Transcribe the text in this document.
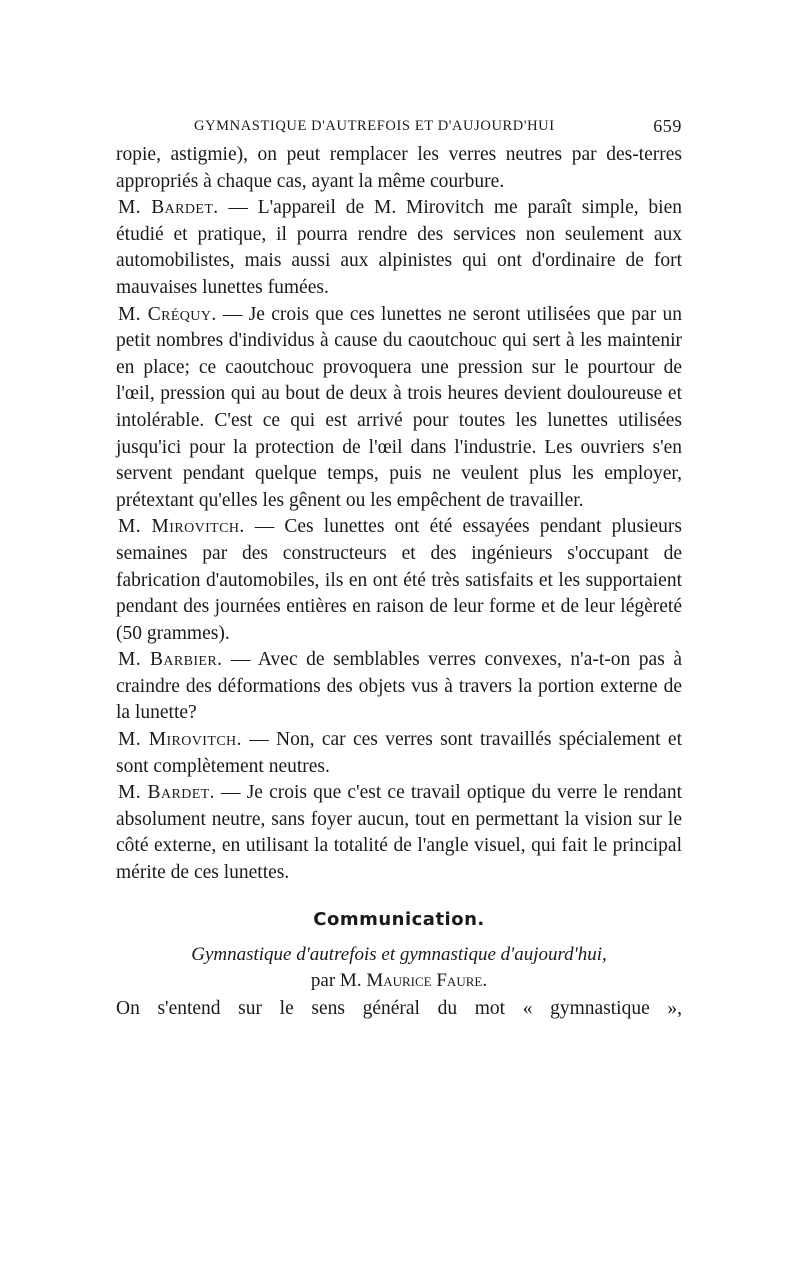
GYMNASTIQUE D'AUTREFOIS ET D'AUJOURD'HUI	659

ropie, astigmie), on peut remplacer les verres neutres par des-terres appropriés à chaque cas, ayant la même courbure.

M. Bardet. — L'appareil de M. Mirovitch me paraît simple, bien étudié et pratique, il pourra rendre des services non seulement aux automobilistes, mais aussi aux alpinistes qui ont d'ordinaire de fort mauvaises lunettes fumées.

M. Créquy. — Je crois que ces lunettes ne seront utilisées que par un petit nombres d'individus à cause du caoutchouc qui sert à les maintenir en place; ce caoutchouc provoquera une pression sur le pourtour de l'œil, pression qui au bout de deux à trois heures devient douloureuse et intolérable. C'est ce qui est arrivé pour toutes les lunettes utilisées jusqu'ici pour la protection de l'œil dans l'industrie. Les ouvriers s'en servent pendant quelque temps, puis ne veulent plus les employer, prétextant qu'elles les gênent ou les empêchent de travailler.

M. Mirovitch. — Ces lunettes ont été essayées pendant plusieurs semaines par des constructeurs et des ingénieurs s'occupant de fabrication d'automobiles, ils en ont été très satisfaits et les supportaient pendant des journées entières en raison de leur forme et de leur légèreté (50 grammes).

M. Barbier. — Avec de semblables verres convexes, n'a-t-on pas à craindre des déformations des objets vus à travers la portion externe de la lunette?

M. Mirovitch. — Non, car ces verres sont travaillés spécialement et sont complètement neutres.

M. Bardet. — Je crois que c'est ce travail optique du verre le rendant absolument neutre, sans foyer aucun, tout en permettant la vision sur le côté externe, en utilisant la totalité de l'angle visuel, qui fait le principal mérite de ces lunettes.

Communication.
Gymnastique d'autrefois et gymnastique d'aujourd'hui,
par M. Maurice Faure.
On s'entend sur le sens général du mot « gymnastique »,
